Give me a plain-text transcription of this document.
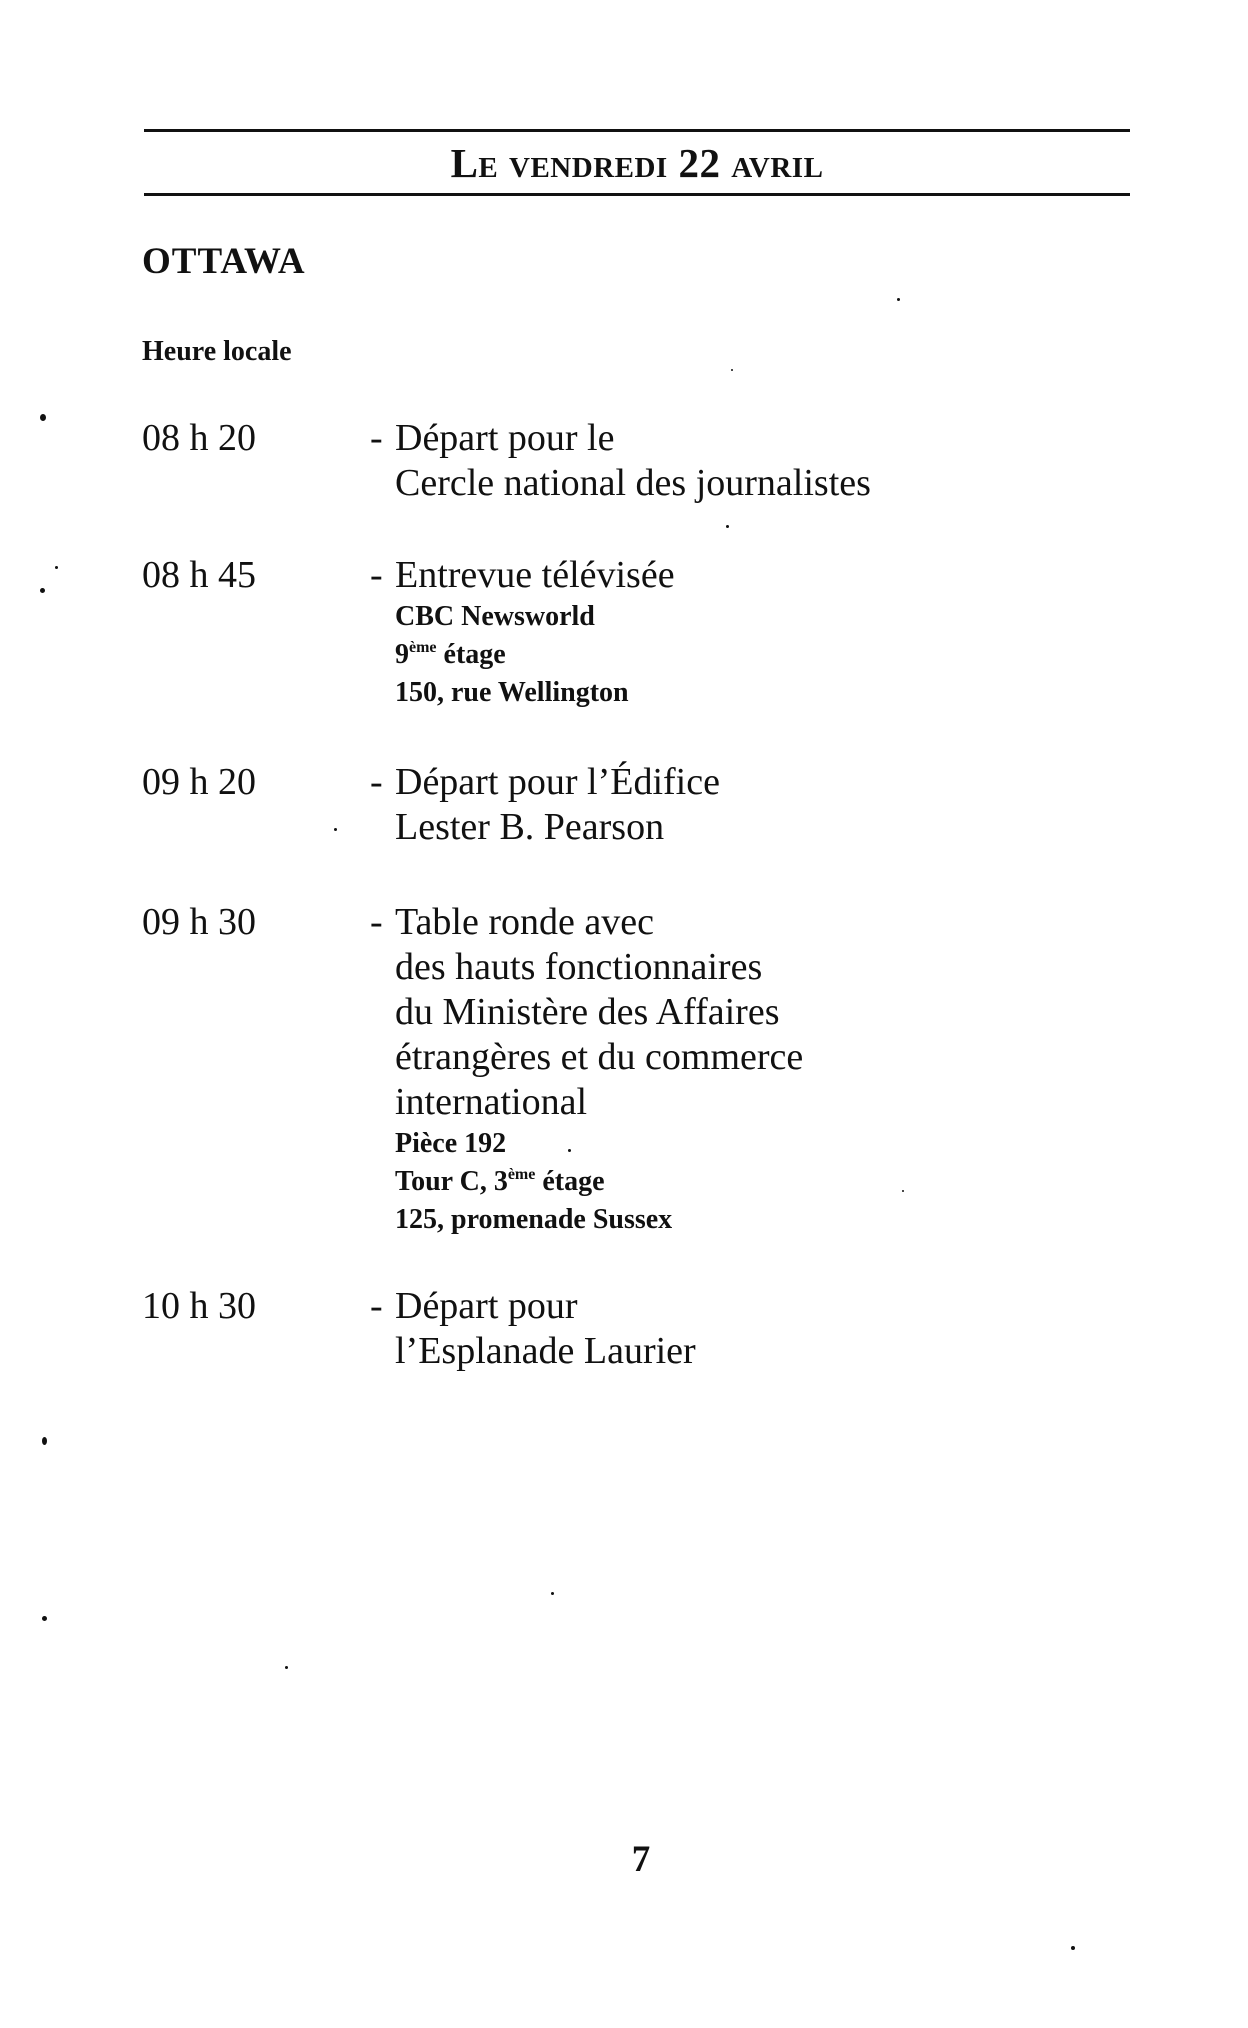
Le vendredi 22 avril
OTTAWA
Heure locale
08 h 20	- Départ pour le
Cercle national des journalistes
08 h 45	- Entrevue télévisée
CBC Newsworld
9ème étage
150, rue Wellington
09 h 20	- Départ pour l’Édifice
Lester B. Pearson
09 h 30	- Table ronde avec
des hauts fonctionnaires
du Ministère des Affaires
étrangères et du commerce
international
Pièce 192
Tour C, 3ème étage
125, promenade Sussex
10 h 30	- Départ pour
l’Esplanade Laurier
7
